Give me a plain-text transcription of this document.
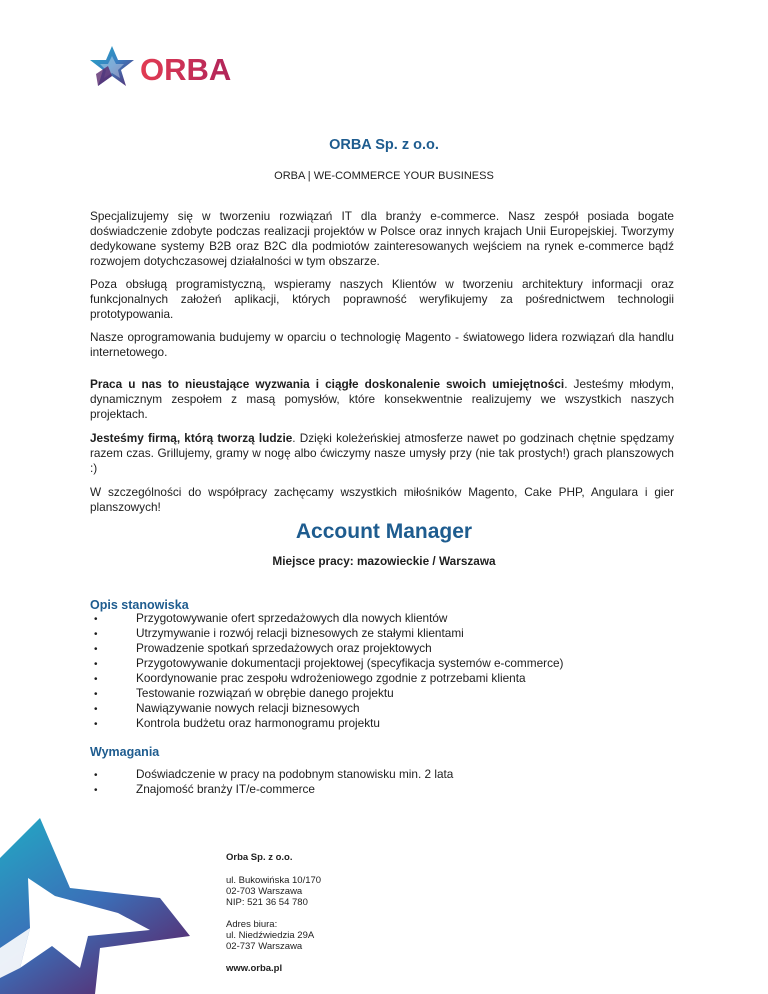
ORBA
ORBA Sp. z o.o.
ORBA | WE-COMMERCE YOUR BUSINESS

Specjalizujemy się w tworzeniu rozwiązań IT dla branży e-commerce. Nasz zespół posiada bogate doświadczenie zdobyte podczas realizacji projektów w Polsce oraz innych krajach Unii Europejskiej. Tworzymy dedykowane systemy B2B oraz B2C dla podmiotów zainteresowanych wejściem na rynek e-commerce bądź rozwojem dotychczasowej działalności w tym obszarze.

Poza obsługą programistyczną, wspieramy naszych Klientów w tworzeniu architektury informacji oraz funkcjonalnych założeń aplikacji, których poprawność weryfikujemy za pośrednictwem technologii prototypowania.

Nasze oprogramowania budujemy w oparciu o technologię Magento - światowego lidera rozwiązań dla handlu internetowego.

Praca u nas to nieustające wyzwania i ciągłe doskonalenie swoich umiejętności. Jesteśmy młodym, dynamicznym zespołem z masą pomysłów, które konsekwentnie realizujemy we wszystkich naszych projektach.

Jesteśmy firmą, którą tworzą ludzie. Dzięki koleżeńskiej atmosferze nawet po godzinach chętnie spędzamy razem czas. Grillujemy, gramy w nogę albo ćwiczymy nasze umysły przy (nie tak prostych!) grach planszowych :)

W szczególności do współpracy zachęcamy wszystkich miłośników Magento, Cake PHP, Angulara i gier planszowych!

Account Manager
Miejsce pracy: mazowieckie / Warszawa
Opis stanowiska
• Przygotowywanie ofert sprzedażowych dla nowych klientów
• Utrzymywanie i rozwój relacji biznesowych ze stałymi klientami
• Prowadzenie spotkań sprzedażowych oraz projektowych
• Przygotowywanie dokumentacji projektowej (specyfikacja systemów e-commerce)
• Koordynowanie prac zespołu wdrożeniowego zgodnie z potrzebami klienta
• Testowanie rozwiązań w obrębie danego projektu
• Nawiązywanie nowych relacji biznesowych
• Kontrola budżetu oraz harmonogramu projektu
Wymagania
• Doświadczenie w pracy na podobnym stanowisku min. 2 lata
• Znajomość branży IT/e-commerce
Orba Sp. z o.o.
ul. Bukowińska 10/170
02-703 Warszawa
NIP: 521 36 54 780
Adres biura:
ul. Niedźwiedzia 29A
02-737 Warszawa
www.orba.pl
